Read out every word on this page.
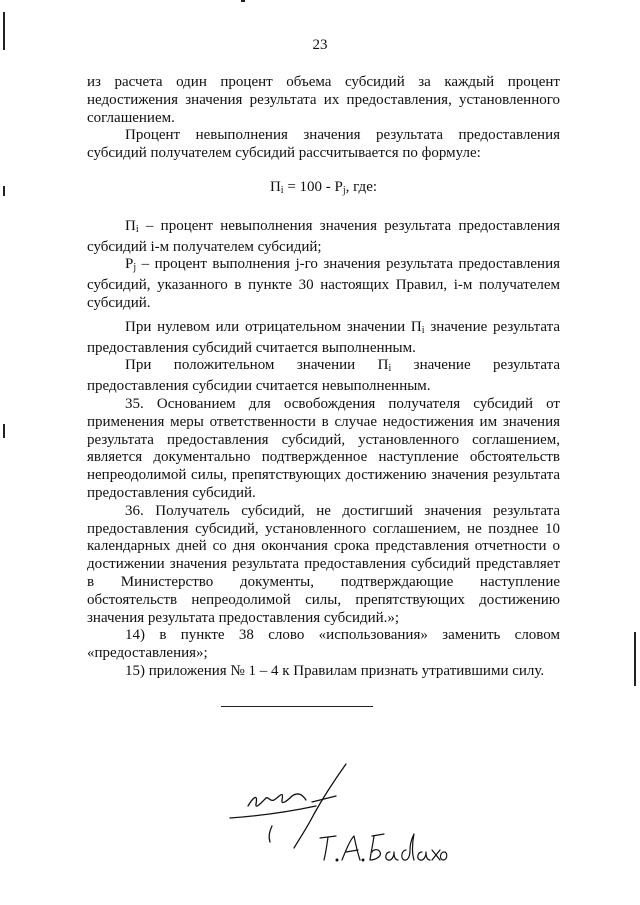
23

из расчета один процент объема субсидий за каждый процент недостижения значения результата их предоставления, установленного соглашением.

Процент невыполнения значения результата предоставления субсидий получателем субсидий рассчитывается по формуле:

$П_i = 100 - P_j$, где:

$П_i$ – процент невыполнения значения результата предоставления субсидий i-м получателем субсидий;

$P_j$ – процент выполнения j-го значения результата предоставления субсидий, указанного в пункте 30 настоящих Правил, i-м получателем субсидий.

При нулевом или отрицательном значении $П_i$ значение результата предоставления субсидий считается выполненным.

При положительном значении $П_i$ значение результата предоставления субсидии считается невыполненным.

35. Основанием для освобождения получателя субсидий от применения меры ответственности в случае недостижения им значения результата предоставления субсидий, установленного соглашением, является документально подтвержденное наступление обстоятельств непреодолимой силы, препятствующих достижению значения результата предоставления субсидий.

36. Получатель субсидий, не достигший значения результата предоставления субсидий, установленного соглашением, не позднее 10 календарных дней со дня окончания срока представления отчетности о достижении значения результата предоставления субсидий представляет в Министерство документы, подтверждающие наступление обстоятельств непреодолимой силы, препятствующих достижению значения результата предоставления субсидий.»;

14) в пункте 38 слово «использования» заменить словом «предоставления»;

15) приложения № 1 – 4 к Правилам признать утратившими силу.
